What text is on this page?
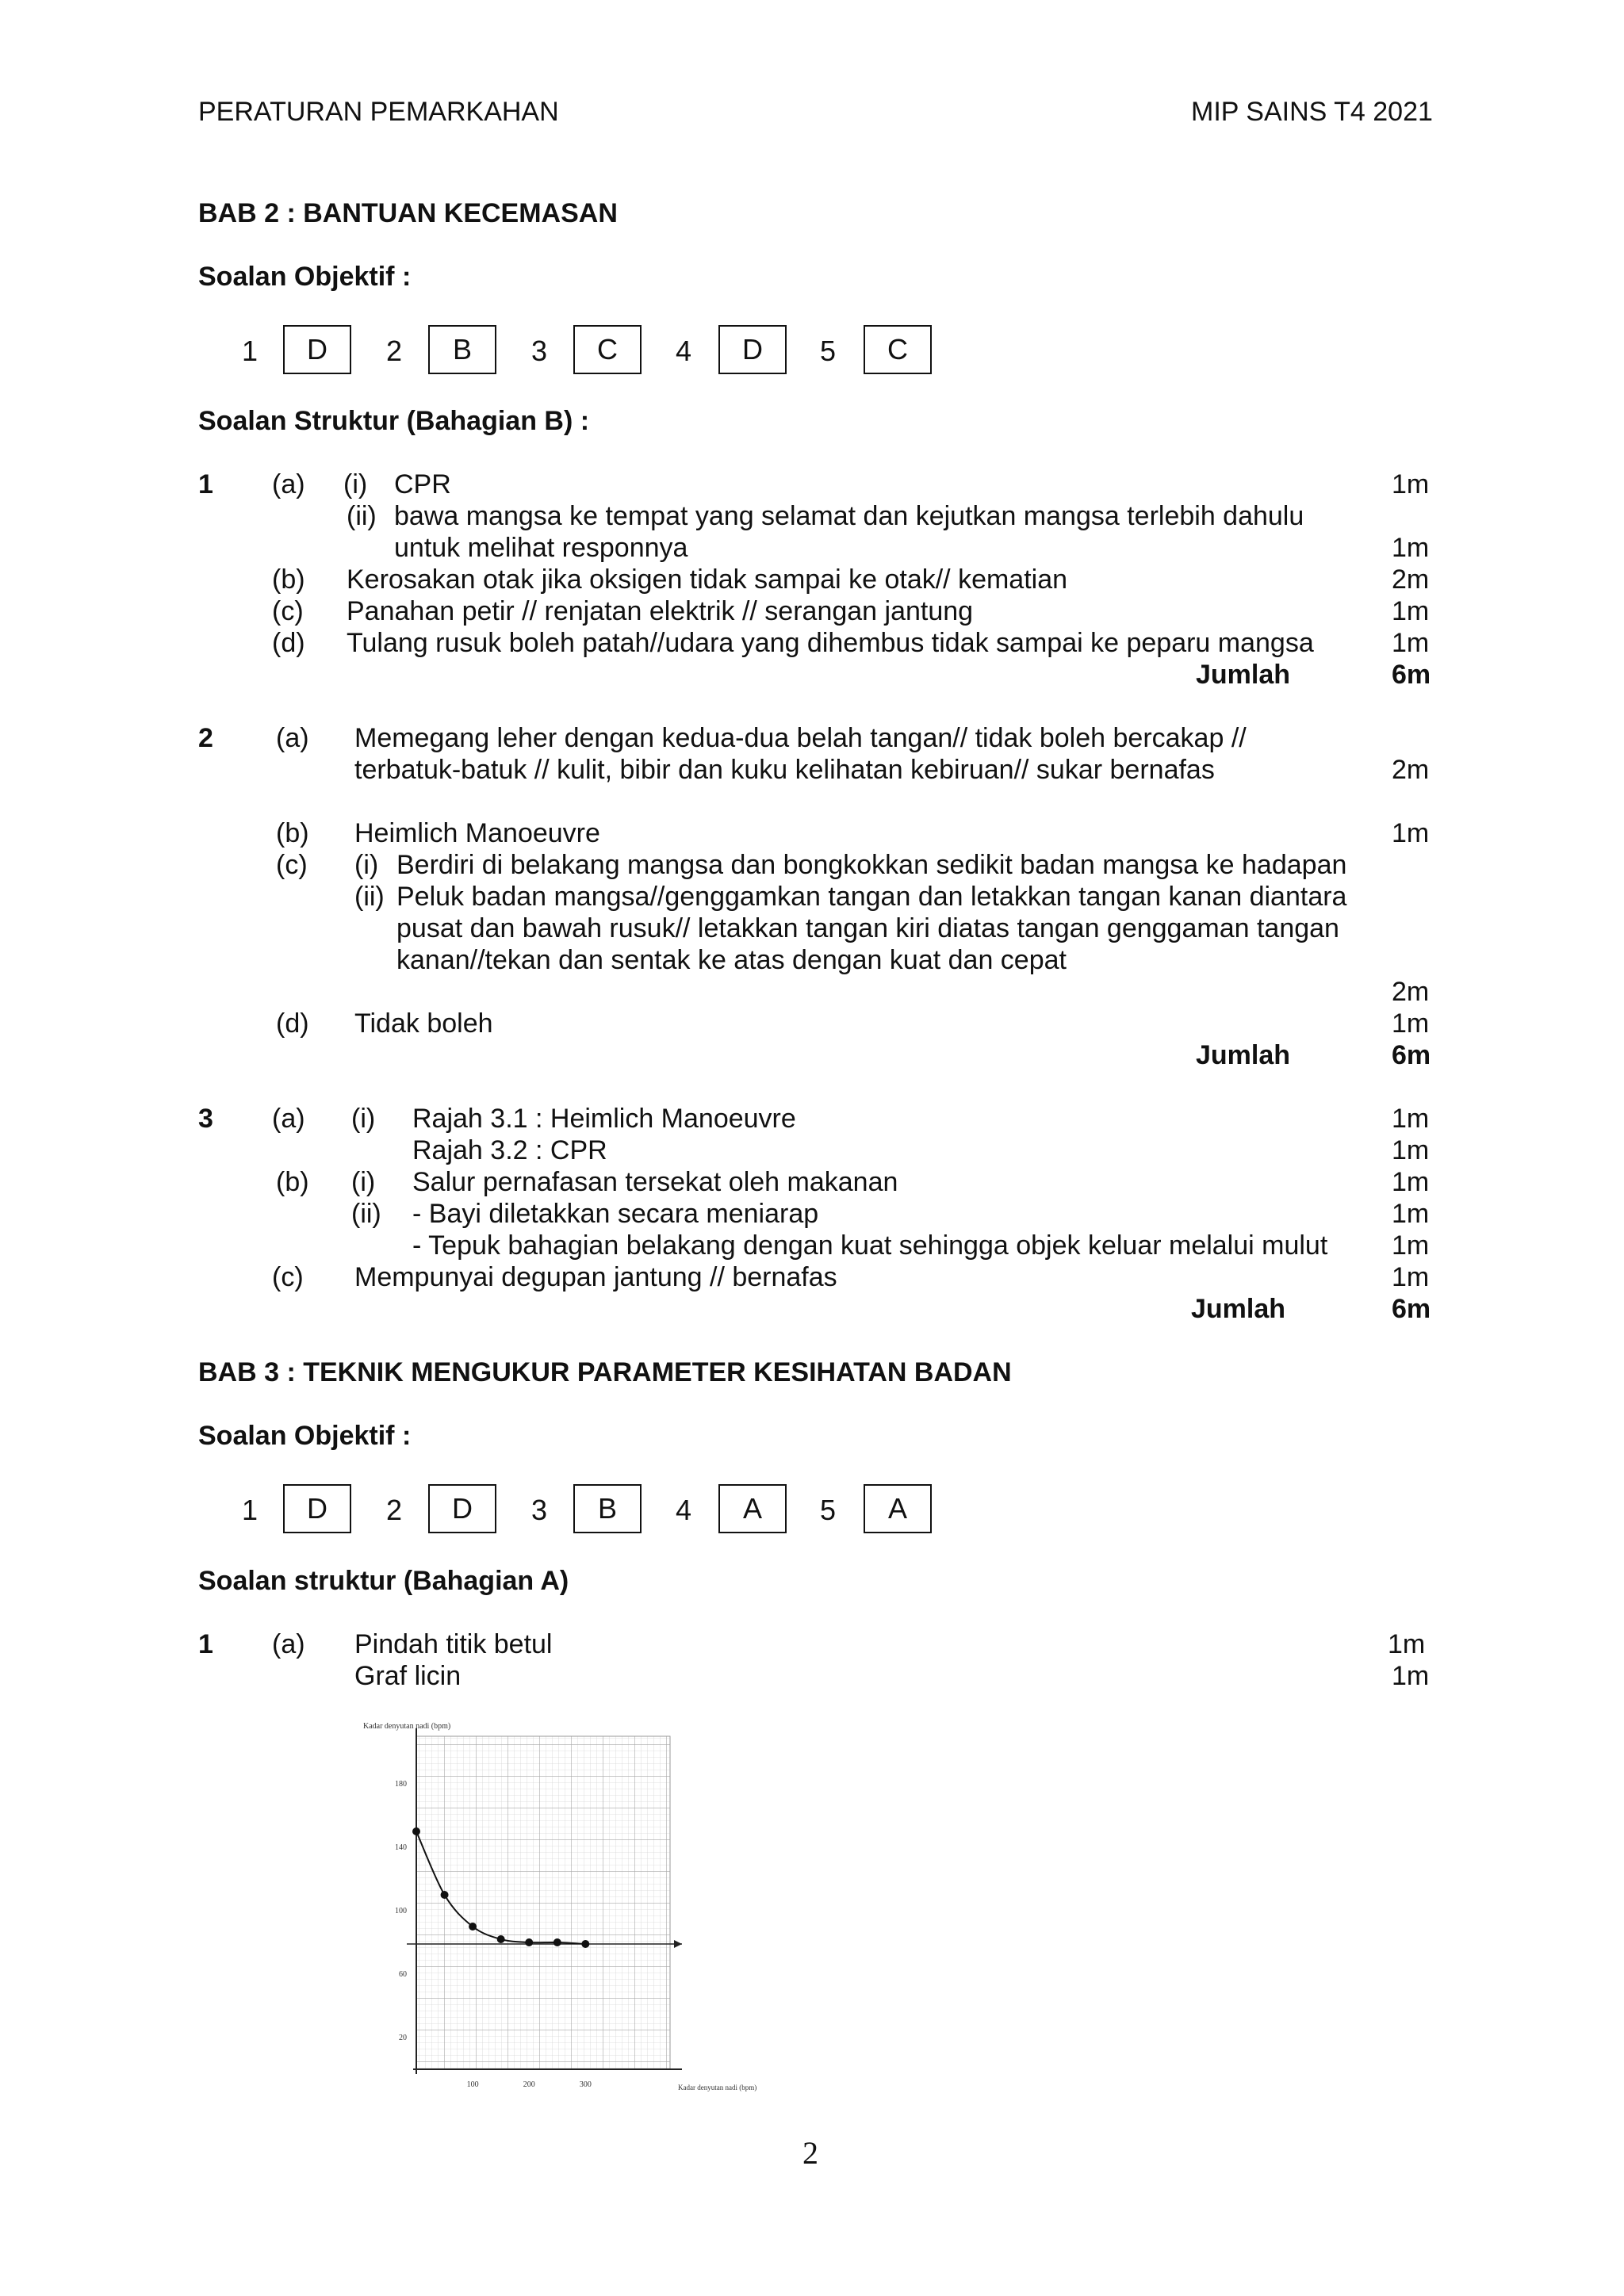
PERATURAN PEMARKAHAN	MIP SAINS T4 2021
BAB 2 : BANTUAN KECEMASAN
Soalan Objektif :
1 D 2 B 3 C 4 D 5 C
Soalan Struktur (Bahagian B) :
1 (a) (i) CPR	1m
(ii) bawa mangsa ke tempat yang selamat dan kejutkan mangsa terlebih dahulu
untuk melihat responnya	1m
(b) Kerosakan otak jika oksigen tidak sampai ke otak// kematian	2m
(c) Panahan petir // renjatan elektrik // serangan jantung	1m
(d) Tulang rusuk boleh patah//udara yang dihembus tidak sampai ke peparu mangsa	1m
Jumlah	6m
2 (a) Memegang leher dengan kedua-dua belah tangan// tidak boleh bercakap //
terbatuk-batuk // kulit, bibir dan kuku kelihatan kebiruan// sukar bernafas	2m
(b) Heimlich Manoeuvre	1m
(c) (i) Berdiri di belakang mangsa dan bongkokkan sedikit badan mangsa ke hadapan
(ii) Peluk badan mangsa//genggamkan tangan dan letakkan tangan kanan diantara
pusat dan bawah rusuk// letakkan tangan kiri diatas tangan genggaman tangan
kanan//tekan dan sentak ke atas dengan kuat dan cepat
2m
(d) Tidak boleh	1m
Jumlah	6m
3 (a) (i) Rajah 3.1 : Heimlich Manoeuvre	1m
Rajah 3.2 : CPR	1m
(b) (i) Salur pernafasan tersekat oleh makanan	1m
(ii) - Bayi diletakkan secara meniarap	1m
- Tepuk bahagian belakang dengan kuat sehingga objek keluar melalui mulut 1m
(c) Mempunyai degupan jantung // bernafas	1m
Jumlah	6m
BAB 3 : TEKNIK MENGUKUR PARAMETER KESIHATAN BADAN
Soalan Objektif :
1 D 2 D 3 B 4 A 5 A
Soalan struktur (Bahagian A)
1 (a) Pindah titik betul	1m
Graf licin	1m
Kadar denyutan nadi (bpm)
Kadar denyutan nadi (bpm)
180
140
100
60
20
100	200	300
2
